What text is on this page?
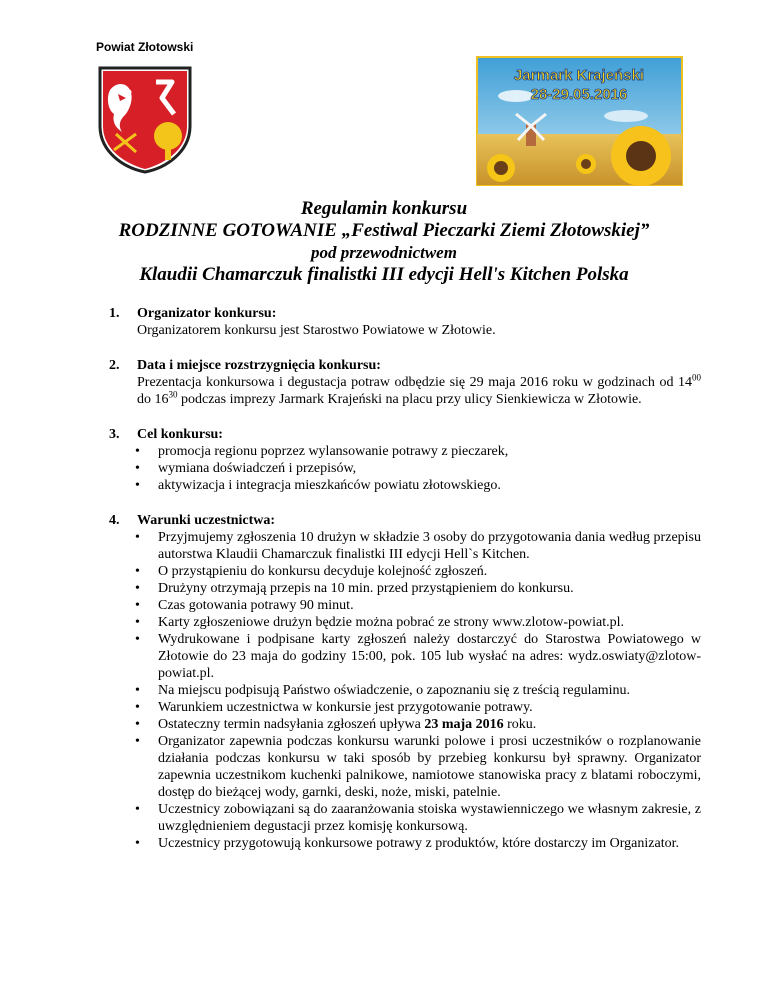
Powiat Złotowski
Jarmark Krajeński
28-29.05.2016
Regulamin konkursu
RODZINNE GOTOWANIE „Festiwal Pieczarki Ziemi Złotowskiej”
pod przewodnictwem
Klaudii Chamarczuk finalistki III edycji Hell's Kitchen Polska
1. Organizator konkursu:
Organizatorem konkursu jest Starostwo Powiatowe w Złotowie.
2. Data i miejsce rozstrzygnięcia konkursu:
Prezentacja konkursowa i degustacja potraw odbędzie się 29 maja 2016 roku w godzinach od $14^{00}$ do $16^{30}$ podczas imprezy Jarmark Krajeński na placu przy ulicy Sienkiewicza w Złotowie.
3. Cel konkursu:
• promocja regionu poprzez wylansowanie potrawy z pieczarek,
• wymiana doświadczeń i przepisów,
• aktywizacja i integracja mieszkańców powiatu złotowskiego.
4. Warunki uczestnictwa:
• Przyjmujemy zgłoszenia 10 drużyn w składzie 3 osoby do przygotowania dania według przepisu autorstwa Klaudii Chamarczuk finalistki III edycji Hell`s Kitchen.
• O przystąpieniu do konkursu decyduje kolejność zgłoszeń.
• Drużyny otrzymają przepis na 10 min. przed przystąpieniem do konkursu.
• Czas gotowania potrawy 90 minut.
• Karty zgłoszeniowe drużyn będzie można pobrać ze strony www.zlotow-powiat.pl.
• Wydrukowane i podpisane karty zgłoszeń należy dostarczyć do Starostwa Powiatowego w Złotowie do 23 maja do godziny 15:00, pok. 105 lub wysłać na adres: wydz.oswiaty@zlotow-powiat.pl.
• Na miejscu podpisują Państwo oświadczenie, o zapoznaniu się z treścią regulaminu.
• Warunkiem uczestnictwa w konkursie jest przygotowanie potrawy.
• Ostateczny termin nadsyłania zgłoszeń upływa 23 maja 2016 roku.
• Organizator zapewnia podczas konkursu warunki polowe i prosi uczestników o rozplanowanie działania podczas konkursu w taki sposób by przebieg konkursu był sprawny. Organizator zapewnia uczestnikom kuchenki palnikowe, namiotowe stanowiska pracy z blatami roboczymi, dostęp do bieżącej wody, garnki, deski, noże, miski, patelnie.
• Uczestnicy zobowiązani są do zaaranżowania stoiska wystawienniczego we własnym zakresie, z uwzględnieniem degustacji przez komisję konkursową.
• Uczestnicy przygotowują konkursowe potrawy z produktów, które dostarczy im Organizator.
